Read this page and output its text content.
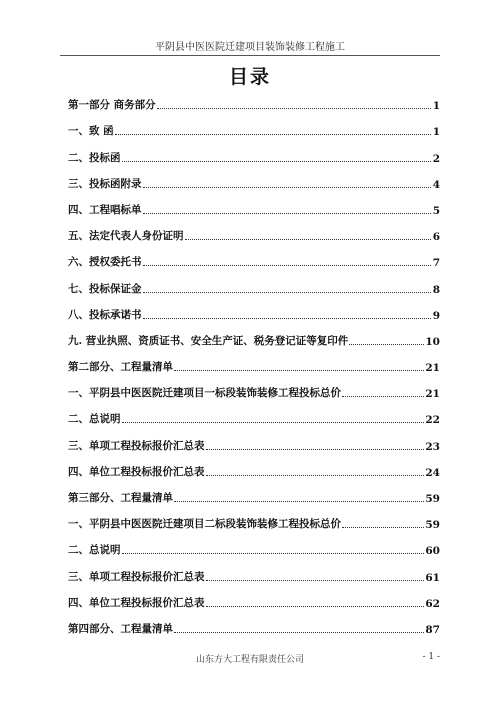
平阴县中医医院迁建项目装饰装修工程施工
目录
第一部分 商务部分	1
一、致 函	1
二、投标函	2
三、投标函附录	4
四、工程唱标单	5
五、法定代表人身份证明	6
六、授权委托书	7
七、投标保证金	8
八、投标承诺书	9
九. 营业执照、资质证书、安全生产证、税务登记证等复印件	10
第二部分、工程量清单	21
一、平阴县中医医院迁建项目一标段装饰装修工程投标总价	21
二、总说明	22
三、单项工程投标报价汇总表	23
四、单位工程投标报价汇总表	24
第三部分、工程量清单	59
一、平阴县中医医院迁建项目二标段装饰装修工程投标总价	59
二、总说明	60
三、单项工程投标报价汇总表	61
四、单位工程投标报价汇总表	62
第四部分、工程量清单	87
山东方大工程有限责任公司	- 1 -
